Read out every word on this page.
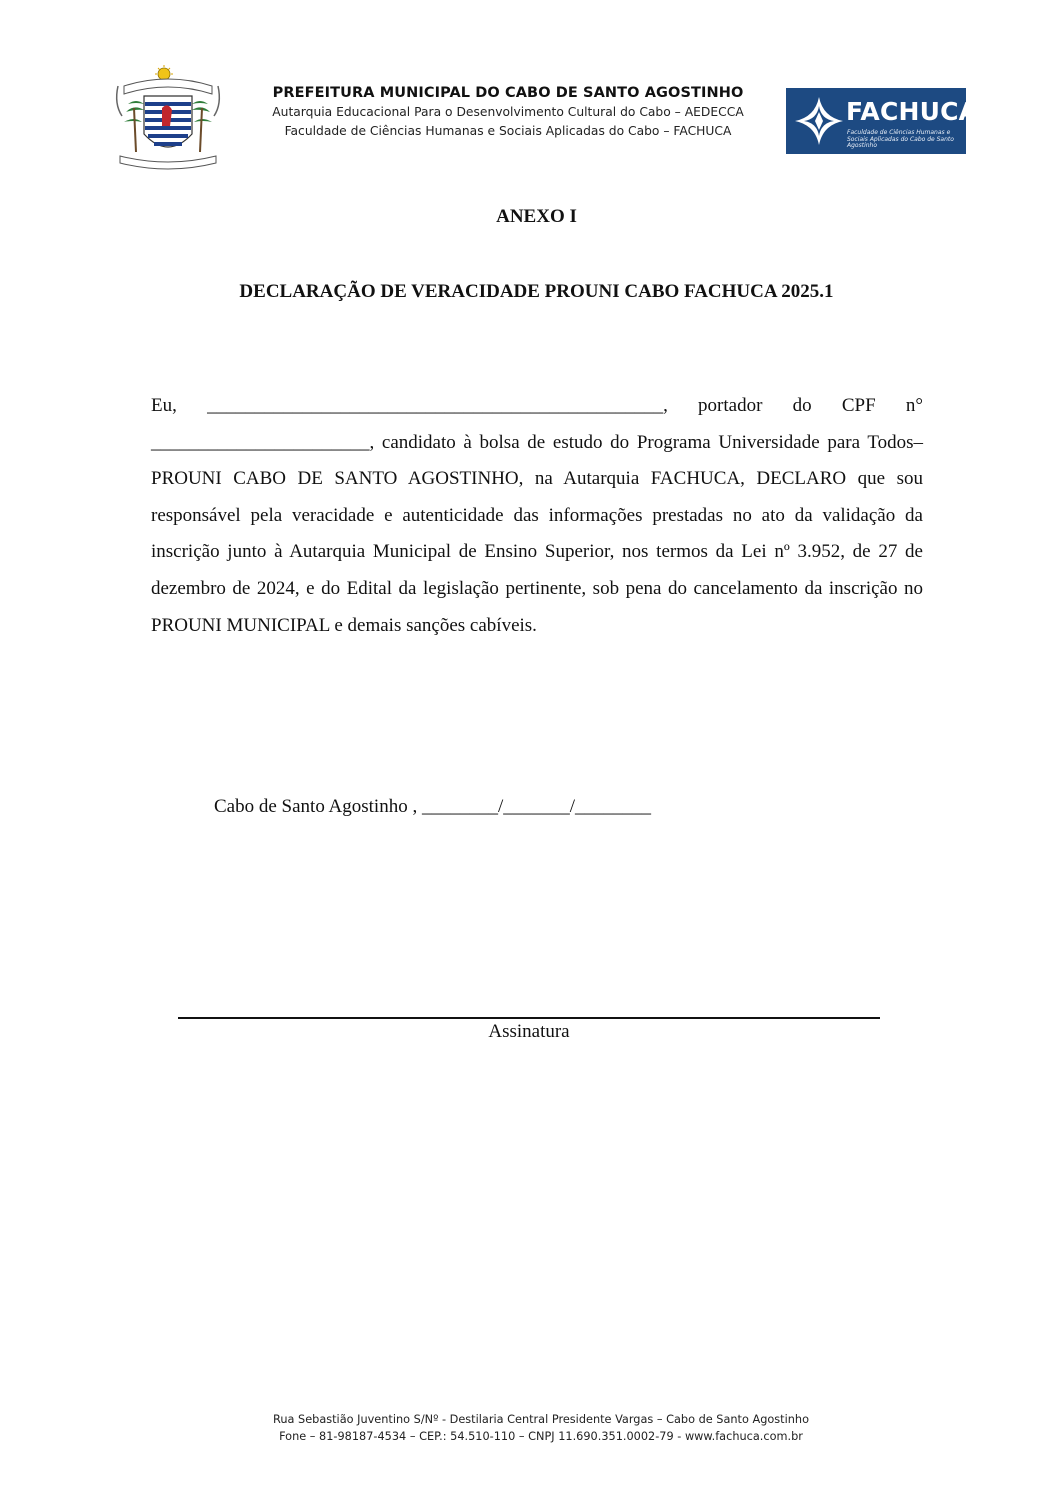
PREFEITURA MUNICIPAL DO CABO DE SANTO AGOSTINHO
Autarquia Educacional Para o Desenvolvimento Cultural do Cabo – AEDECCA
Faculdade de Ciências Humanas e Sociais Aplicadas do Cabo – FACHUCA
FACHUCA
Faculdade de Ciências Humanas e Sociais Aplicadas do Cabo de Santo Agostinho
ANEXO I
DECLARAÇÃO DE VERACIDADE PROUNI CABO FACHUCA 2025.1
Eu, ________________________________________________, portador do CPF n° _______________________, candidato à bolsa de estudo do Programa Universidade para Todos– PROUNI CABO DE SANTO AGOSTINHO, na Autarquia FACHUCA, DECLARO que sou responsável pela veracidade e autenticidade das informações prestadas no ato da validação da inscrição junto à Autarquia Municipal de Ensino Superior, nos termos da Lei nº 3.952, de 27 de dezembro de 2024, e do Edital da legislação pertinente, sob pena do cancelamento da inscrição no PROUNI MUNICIPAL e demais sanções cabíveis.
Cabo de Santo Agostinho , ________/_______/________
Assinatura
Rua Sebastião Juventino S/Nº - Destilaria Central Presidente Vargas – Cabo de Santo Agostinho
Fone – 81-98187-4534 – CEP.: 54.510-110 – CNPJ 11.690.351.0002-79 - www.fachuca.com.br
